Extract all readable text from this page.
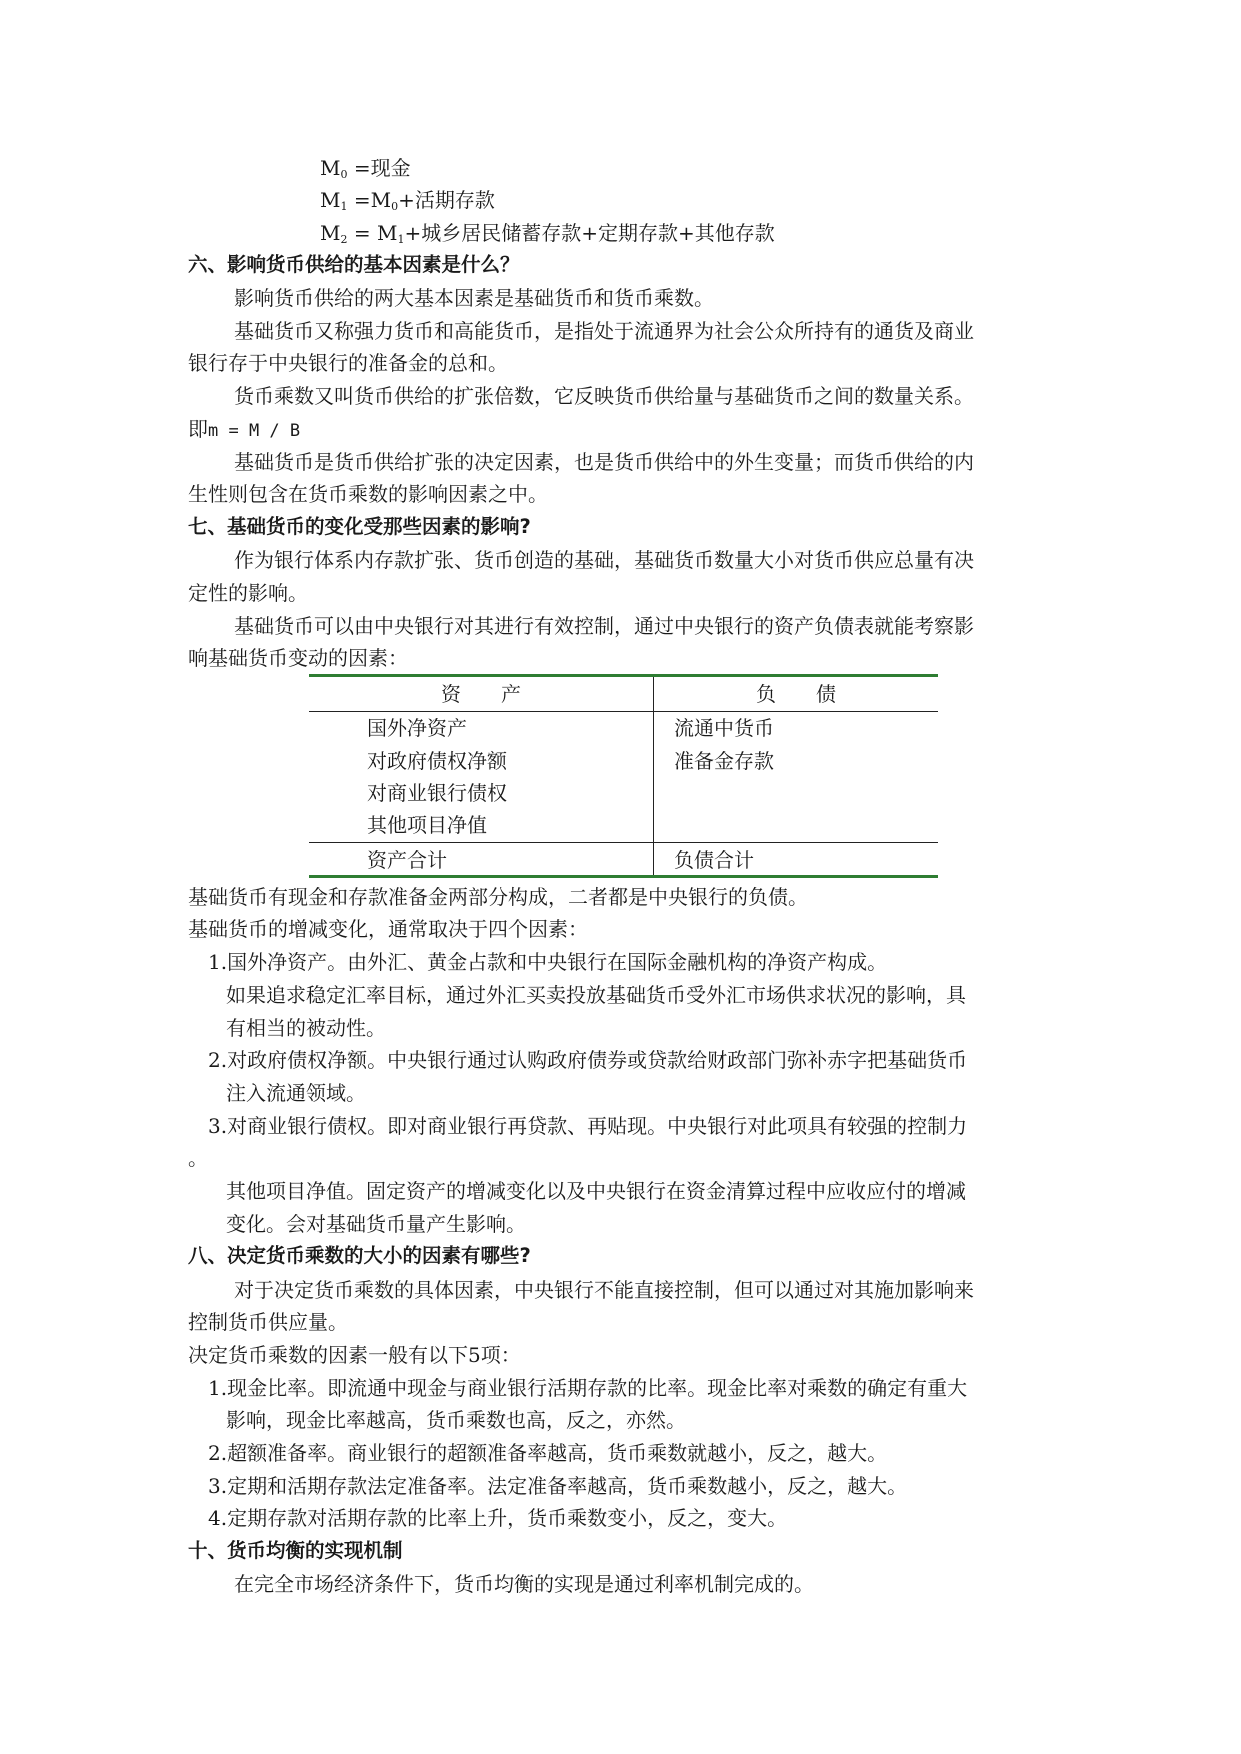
$M_0$ =现金
$M_1 =M_0+$活期存款
$M_2 = M_1+$城乡居民储蓄存款+定期存款+其他存款
六、影响货币供给的基本因素是什么？
影响货币供给的两大基本因素是基础货币和货币乘数。
基础货币又称强力货币和高能货币，是指处于流通界为社会公众所持有的通货及商业
银行存于中央银行的准备金的总和。
货币乘数又叫货币供给的扩张倍数，它反映货币供给量与基础货币之间的数量关系。
即m = M / B
基础货币是货币供给扩张的决定因素，也是货币供给中的外生变量；而货币供给的内
生性则包含在货币乘数的影响因素之中。
七、基础货币的变化受那些因素的影响?
作为银行体系内存款扩张、货币创造的基础，基础货币数量大小对货币供应总量有决
定性的影响。
基础货币可以由中央银行对其进行有效控制，通过中央银行的资产负债表就能考察影
响基础货币变动的因素：
资　　产	负　　债
国外净资产
对政府债权净额
对商业银行债权
其他项目净值
流通中货币
准备金存款
资产合计	负债合计
基础货币有现金和存款准备金两部分构成，二者都是中央银行的负债。
基础货币的增减变化，通常取决于四个因素：
1.国外净资产。由外汇、黄金占款和中央银行在国际金融机构的净资产构成。
如果追求稳定汇率目标，通过外汇买卖投放基础货币受外汇市场供求状况的影响，具
有相当的被动性。
2.对政府债权净额。中央银行通过认购政府债券或贷款给财政部门弥补赤字把基础货币
注入流通领域。
3.对商业银行债权。即对商业银行再贷款、再贴现。中央银行对此项具有较强的控制力
。
其他项目净值。固定资产的增减变化以及中央银行在资金清算过程中应收应付的增减
变化。会对基础货币量产生影响。
八、决定货币乘数的大小的因素有哪些?
对于决定货币乘数的具体因素，中央银行不能直接控制，但可以通过对其施加影响来
控制货币供应量。
决定货币乘数的因素一般有以下5项：
1.现金比率。即流通中现金与商业银行活期存款的比率。现金比率对乘数的确定有重大
影响，现金比率越高，货币乘数也高，反之，亦然。
2.超额准备率。商业银行的超额准备率越高，货币乘数就越小，反之，越大。
3.定期和活期存款法定准备率。法定准备率越高，货币乘数越小，反之，越大。
4.定期存款对活期存款的比率上升，货币乘数变小，反之，变大。
十、货币均衡的实现机制
在完全市场经济条件下，货币均衡的实现是通过利率机制完成的。
